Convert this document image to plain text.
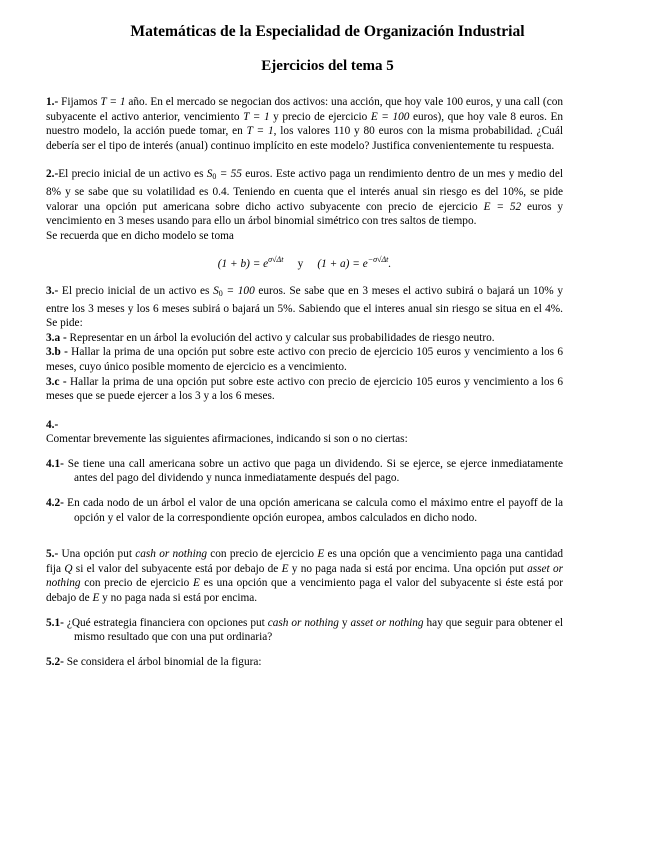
Matemáticas de la Especialidad de Organización Industrial
Ejercicios del tema 5

1.- Fijamos T = 1 año. En el mercado se negocian dos activos: una acción, que hoy vale 100 euros, y una call (con subyacente el activo anterior, vencimiento T = 1 y precio de ejercicio E = 100 euros), que hoy vale 8 euros. En nuestro modelo, la acción puede tomar, en T = 1, los valores 110 y 80 euros con la misma probabilidad. ¿Cuál debería ser el tipo de interés (anual) continuo implícito en este modelo? Justifica convenientemente tu respuesta.

2.-El precio inicial de un activo es $S_0 = 55$ euros. Este activo paga un rendimiento dentro de un mes y medio del 8% y se sabe que su volatilidad es 0.4. Teniendo en cuenta que el interés anual sin riesgo es del 10%, se pide valorar una opción put americana sobre dicho activo subyacente con precio de ejercicio E = 52 euros y vencimiento en 3 meses usando para ello un árbol binomial simétrico con tres saltos de tiempo.

Se recuerda que en dicho modelo se toma

$(1 + b) = e^{\sigma√\Delta t}$ y $(1 + a) = e^{-\sigma√\Delta t}$.

3.- El precio inicial de un activo es $S_0 = 100$ euros. Se sabe que en 3 meses el activo subirá o bajará un 10% y entre los 3 meses y los 6 meses subirá o bajará un 5%. Sabiendo que el interes anual sin riesgo se situa en el 4%. Se pide:

3.a - Representar en un árbol la evolución del activo y calcular sus probabilidades de riesgo neutro.

3.b - Hallar la prima de una opción put sobre este activo con precio de ejercicio 105 euros y vencimiento a los 6 meses, cuyo único posible momento de ejercicio es a vencimiento.

3.c - Hallar la prima de una opción put sobre este activo con precio de ejercicio 105 euros y vencimiento a los 6 meses que se puede ejercer a los 3 y a los 6 meses.

4.-

Comentar brevemente las siguientes afirmaciones, indicando si son o no ciertas:

4.1- Se tiene una call americana sobre un activo que paga un dividendo. Si se ejerce, se ejerce inmediatamente antes del pago del dividendo y nunca inmediatamente después del pago.

4.2- En cada nodo de un árbol el valor de una opción americana se calcula como el máximo entre el payoff de la opción y el valor de la correspondiente opción europea, ambos calculados en dicho nodo.

5.- Una opción put cash or nothing con precio de ejercicio E es una opción que a vencimiento paga una cantidad fija Q si el valor del subyacente está por debajo de E y no paga nada si está por encima. Una opción put asset or nothing con precio de ejercicio E es una opción que a vencimiento paga el valor del subyacente si éste está por debajo de E y no paga nada si está por encima.

5.1- ¿Qué estrategia financiera con opciones put cash or nothing y asset or nothing hay que seguir para obtener el mismo resultado que con una put ordinaria?

5.2- Se considera el árbol binomial de la figura:
